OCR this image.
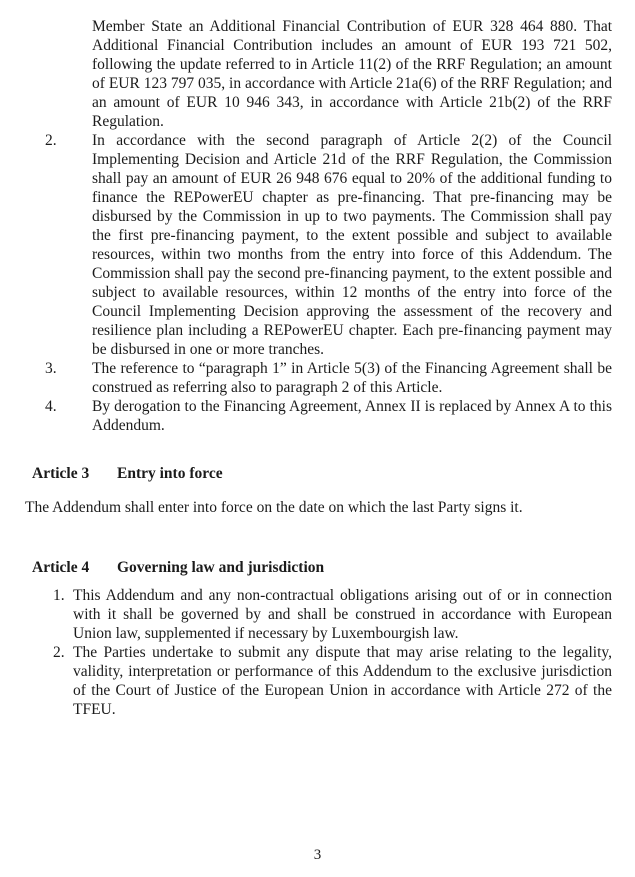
Member State an Additional Financial Contribution of EUR 328 464 880. That Additional Financial Contribution includes an amount of EUR 193 721 502, following the update referred to in Article 11(2) of the RRF Regulation; an amount of EUR 123 797 035, in accordance with Article 21a(6) of the RRF Regulation; and an amount of EUR 10 946 343, in accordance with Article 21b(2) of the RRF Regulation.

2.	In accordance with the second paragraph of Article 2(2) of the Council Implementing Decision and Article 21d of the RRF Regulation, the Commission shall pay an amount of EUR 26 948 676 equal to 20% of the additional funding to finance the REPowerEU chapter as pre-financing. That pre-financing may be disbursed by the Commission in up to two payments. The Commission shall pay the first pre-financing payment, to the extent possible and subject to available resources, within two months from the entry into force of this Addendum. The Commission shall pay the second pre-financing payment, to the extent possible and subject to available resources, within 12 months of the entry into force of the Council Implementing Decision approving the assessment of the recovery and resilience plan including a REPowerEU chapter. Each pre-financing payment may be disbursed in one or more tranches.
3.	The reference to “paragraph 1” in Article 5(3) of the Financing Agreement shall be construed as referring also to paragraph 2 of this Article.
4.	By derogation to the Financing Agreement, Annex II is replaced by Annex A to this Addendum.
Article 3	Entry into force

The Addendum shall enter into force on the date on which the last Party signs it.

Article 4	Governing law and jurisdiction
1. This Addendum and any non-contractual obligations arising out of or in connection with it shall be governed by and shall be construed in accordance with European Union law, supplemented if necessary by Luxembourgish law.
2. The Parties undertake to submit any dispute that may arise relating to the legality, validity, interpretation or performance of this Addendum to the exclusive jurisdiction of the Court of Justice of the European Union in accordance with Article 272 of the TFEU.
3
